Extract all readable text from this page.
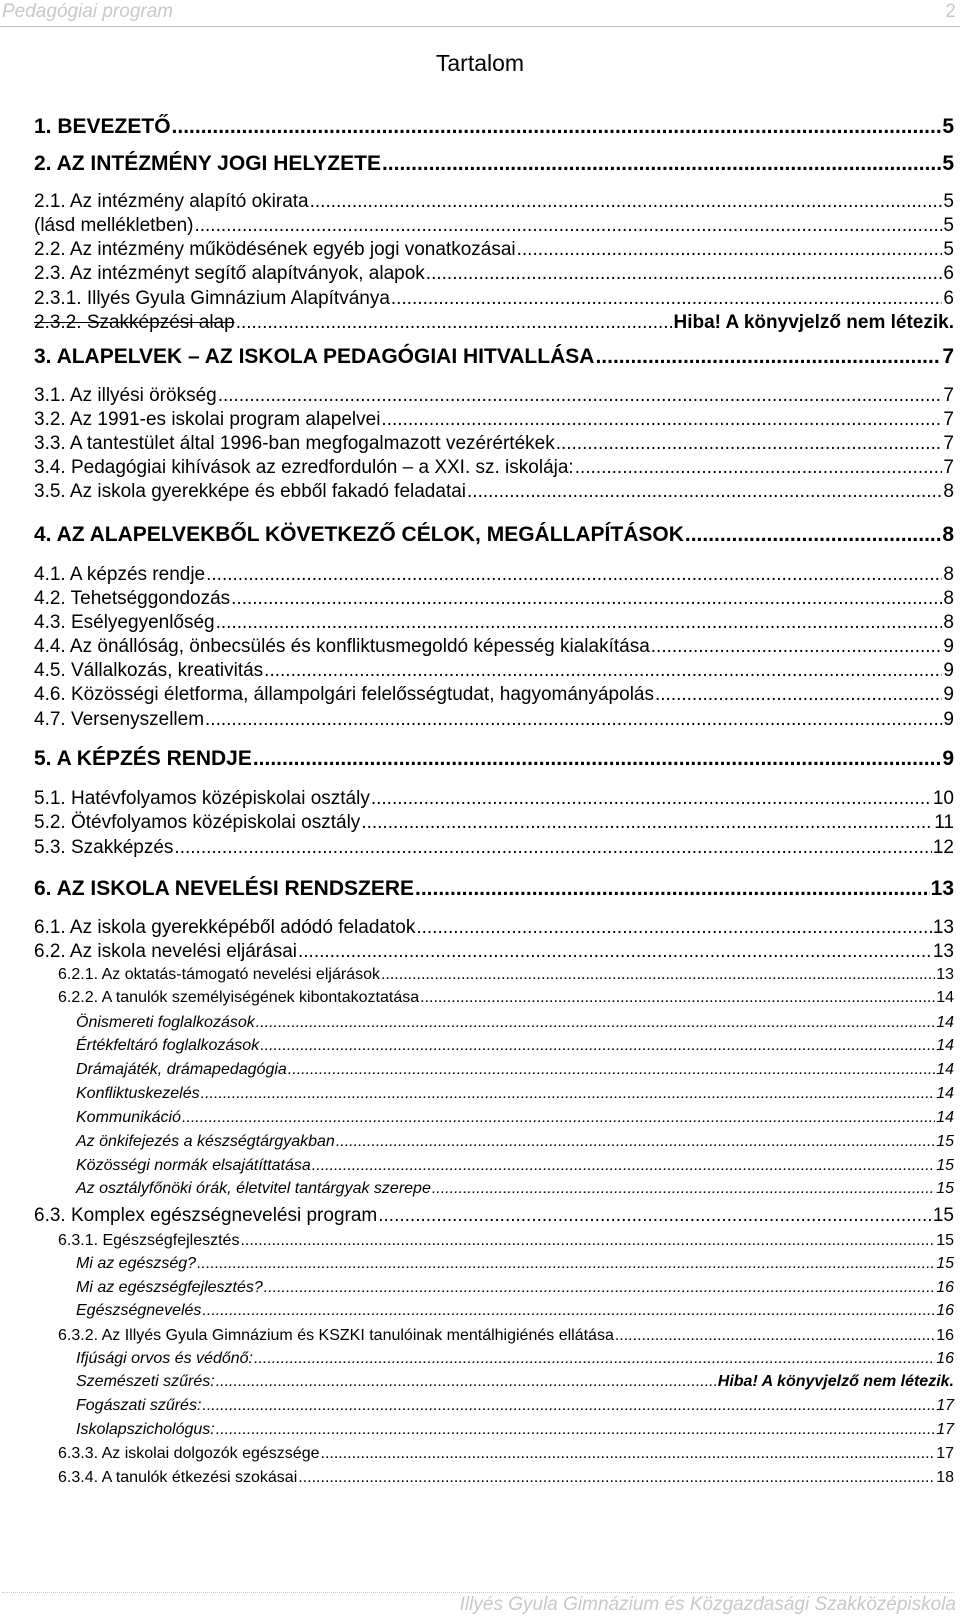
Pedagógiai program	2
Tartalom
1. BEVEZETŐ .....	5
2. AZ INTÉZMÉNY JOGI HELYZETE .....	5
2.1. Az intézmény alapító okirata .....	5
(lásd mellékletben) .....	5
2.2. Az intézmény működésének egyéb jogi vonatkozásai .....	5
2.3. Az intézményt segítő alapítványok, alapok .....	6
2.3.1. Illyés Gyula Gimnázium Alapítványa .....	6
2.3.2. Szakképzési alap .....	Hiba! A könyvjelző nem létezik.
3. ALAPELVEK – AZ ISKOLA PEDAGÓGIAI HITVALLÁSA .....	7
3.1. Az illyési örökség .....	7
3.2. Az 1991-es iskolai program alapelvei .....	7
3.3. A tantestület által 1996-ban megfogalmazott vezérértékek .....	7
3.4. Pedagógiai kihívások az ezredfordulón – a XXI. sz. iskolája: .....	7
3.5. Az iskola gyerekképe és ebből fakadó feladatai .....	8
4. AZ ALAPELVEKBŐL KÖVETKEZŐ CÉLOK, MEGÁLLAPÍTÁSOK .....	8
4.1. A képzés rendje .....	8
4.2. Tehetséggondozás .....	8
4.3. Esélyegyenlőség .....	8
4.4. Az önállóság, önbecsülés és konfliktusmegoldó képesség kialakítása .....	9
4.5. Vállalkozás, kreativitás .....	9
4.6. Közösségi életforma, állampolgári felelősségtudat, hagyományápolás .....	9
4.7. Versenyszellem .....	9
5. A KÉPZÉS RENDJE .....	9
5.1. Hatévfolyamos középiskolai osztály .....	10
5.2. Ötévfolyamos középiskolai osztály .....	11
5.3. Szakképzés .....	12
6. AZ ISKOLA NEVELÉSI RENDSZERE .....	13
6.1. Az iskola gyerekképéből adódó feladatok .....	13
6.2. Az iskola nevelési eljárásai .....	13
6.2.1. Az oktatás-támogató nevelési eljárások .....	13
6.2.2. A tanulók személyiségének kibontakoztatása .....	14
Önismereti foglalkozások .....	14
Értékfeltáró foglalkozások .....	14
Drámajáték, drámapedagógia .....	14
Konfliktuskezelés .....	14
Kommunikáció .....	14
Az önkifejezés a készségtárgyakban .....	15
Közösségi normák elsajátíttatása .....	15
Az osztályfőnöki órák, életvitel tantárgyak szerepe .....	15
6.3. Komplex egészségnevelési program .....	15
6.3.1. Egészségfejlesztés .....	15
Mi az egészség? .....	15
Mi az egészségfejlesztés? .....	16
Egészségnevelés .....	16
6.3.2. Az Illyés Gyula Gimnázium és KSZKI tanulóinak mentálhigiénés ellátása .....	16
Ifjúsági orvos és védőnő: .....	16
Szemészeti szűrés: .....	Hiba! A könyvjelző nem létezik.
Fogászati szűrés: .....	17
Iskolapszichológus: .....	17
6.3.3. Az iskolai dolgozók egészsége .....	17
6.3.4. A tanulók étkezési szokásai .....	18
Illyés Gyula Gimnázium és Közgazdasági Szakközépiskola
